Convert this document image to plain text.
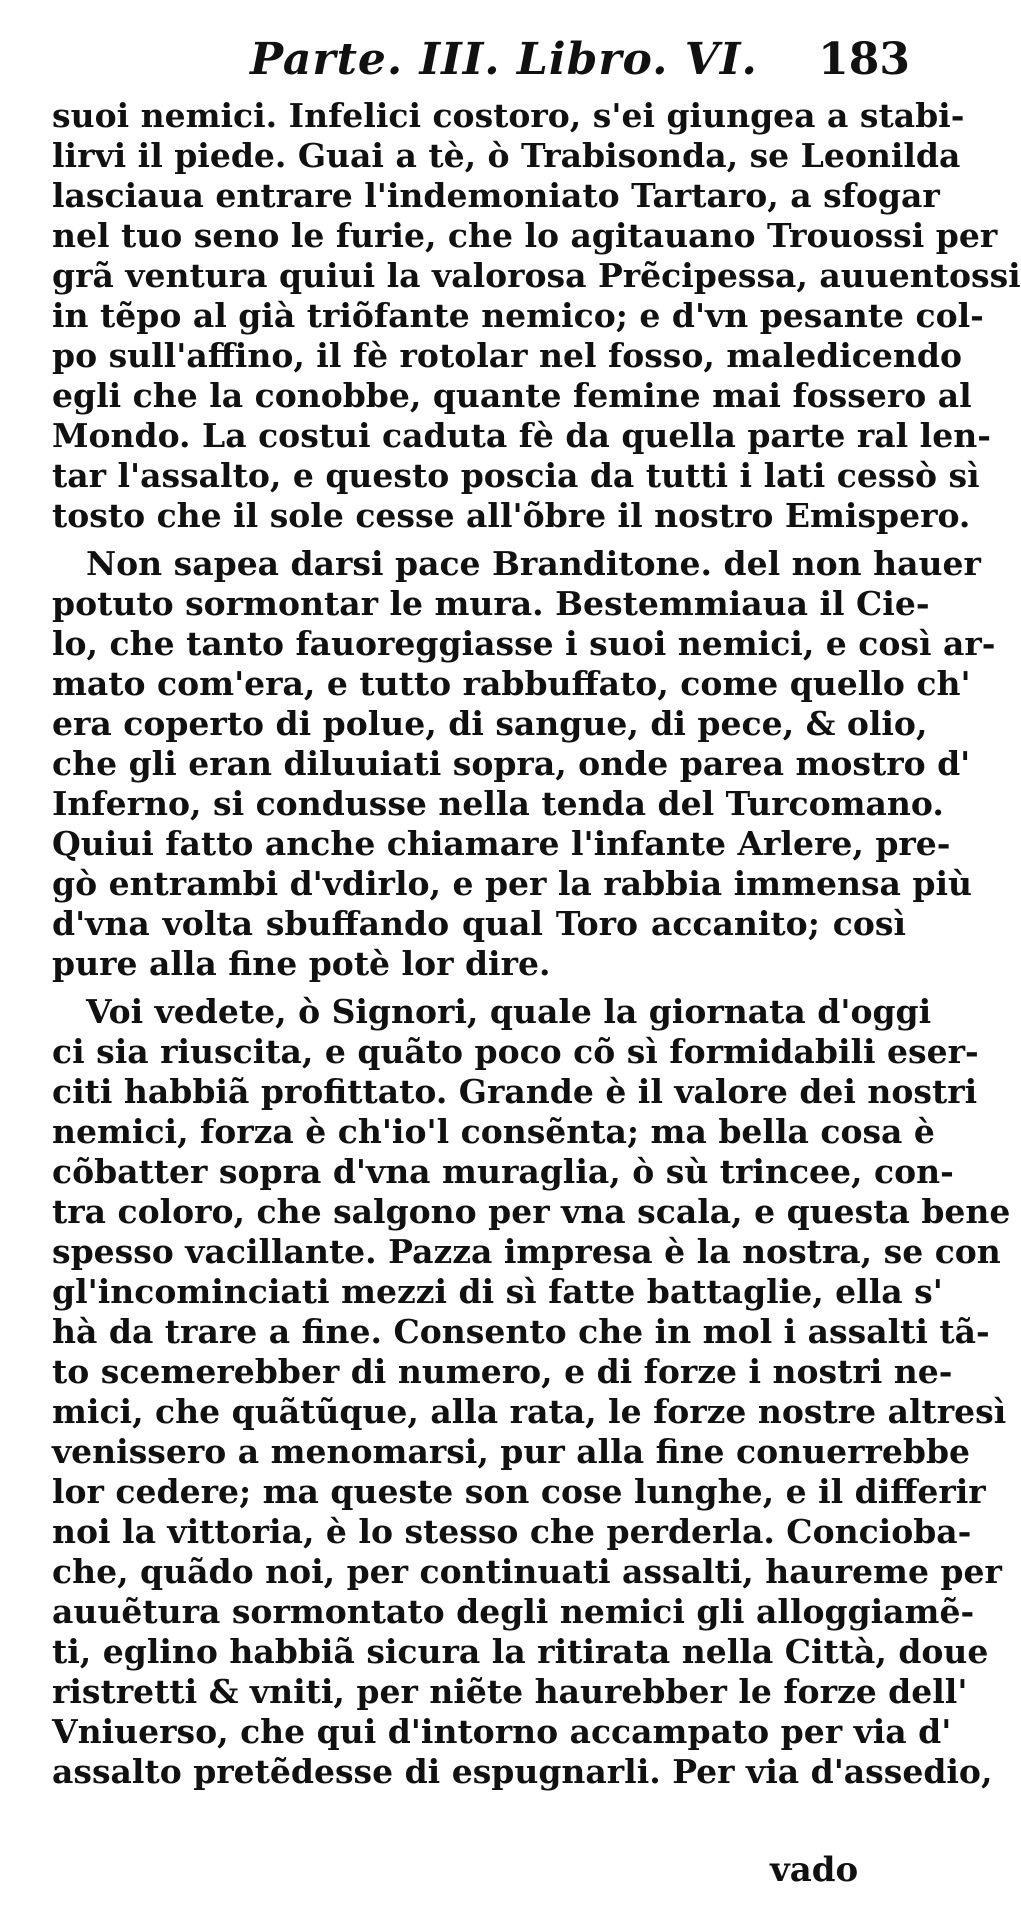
Parte. III. Libro. VI. 183
suoi nemici. Infelici costoro, s'ei giungea a stabi-
lirvi il piede. Guai a tè, ò Trabisonda, se Leonilda
lasciaua entrare l'indemoniato Tartaro, a sfogar
nel tuo seno le furie, che lo agitauano Trouossi per
grã ventura quiui la valorosa Prẽcipessa, auuentossi
in tẽpo al già triõfante nemico; e d'vn pesante col-
po sull'affino, il fè rotolar nel fosso, maledicendo
egli che la conobbe, quante femine mai fossero al
Mondo. La costui caduta fè da quella parte ral len-
tar l'assalto, e questo poscia da tutti i lati cessò sì
tosto che il sole cesse all'õbre il nostro Emispero.
Non sapea darsi pace Branditone. del non hauer
potuto sormontar le mura. Bestemmiaua il Cie-
lo, che tanto fauoreggiasse i suoi nemici, e così ar-
mato com'era, e tutto rabbuffato, come quello ch'
era coperto di polue, di sangue, di pece, & olio,
che gli eran diluuiati sopra, onde parea mostro d'
Inferno, si condusse nella tenda del Turcomano.
Quiui fatto anche chiamare l'infante Arlere, pre-
gò entrambi d'vdirlo, e per la rabbia immensa più
d'vna volta sbuffando qual Toro accanito; così
pure alla fine potè lor dire.
Voi vedete, ò Signori, quale la giornata d'oggi
ci sia riuscita, e quãto poco cõ sì formidabili eser-
citi habbiã profittato. Grande è il valore dei nostri
nemici, forza è ch'io'l consẽnta; ma bella cosa è
cõbatter sopra d'vna muraglia, ò sù trincee, con-
tra coloro, che salgono per vna scala, e questa bene
spesso vacillante. Pazza impresa è la nostra, se con
gl'incominciati mezzi di sì fatte battaglie, ella s'
hà da trare a fine. Consento che in mol i assalti tã-
to scemerebber di numero, e di forze i nostri ne-
mici, che quãtũque, alla rata, le forze nostre altresì
venissero a menomarsi, pur alla fine conuerrebbe
lor cedere; ma queste son cose lunghe, e il differir
noi la vittoria, è lo stesso che perderla. Concioba-
che, quãdo noi, per continuati assalti, haureme per
auuẽtura sormontato degli nemici gli alloggiamẽ-
ti, eglino habbiã sicura la ritirata nella Città, doue
ristretti & vniti, per niẽte haurebber le forze dell'
Vniuerso, che qui d'intorno accampato per via d'
assalto pretẽdesse di espugnarli. Per via d'assedio,
vado
